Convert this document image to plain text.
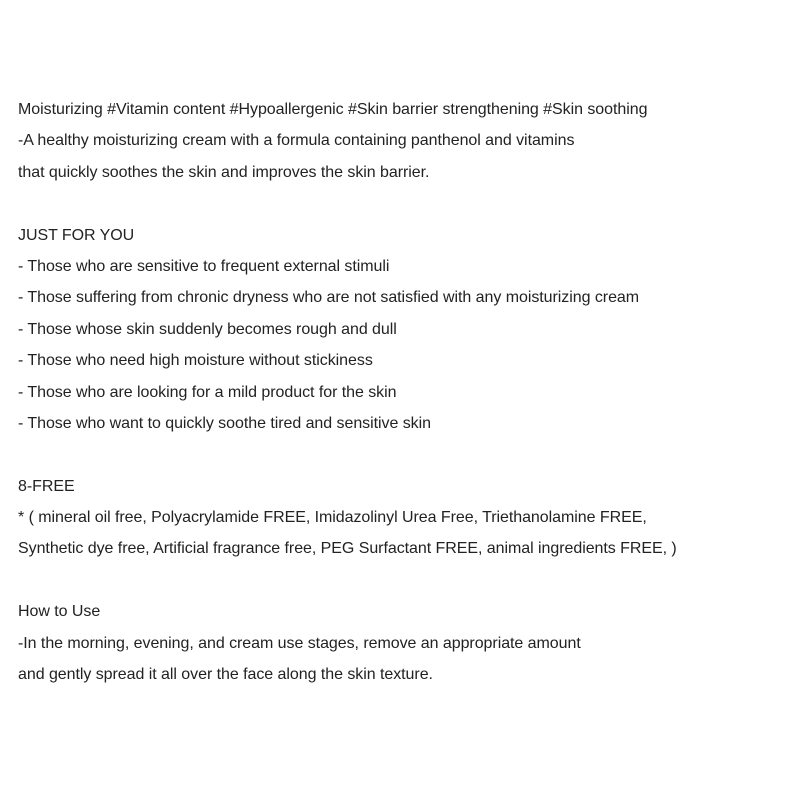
Moisturizing #Vitamin content #Hypoallergenic #Skin barrier strengthening #Skin soothing
-A healthy moisturizing cream with a formula containing panthenol and vitamins
that quickly soothes the skin and improves the skin barrier.
JUST FOR YOU
- Those who are sensitive to frequent external stimuli
- Those suffering from chronic dryness who are not satisfied with any moisturizing cream
- Those whose skin suddenly becomes rough and dull
- Those who need high moisture without stickiness
- Those who are looking for a mild product for the skin
- Those who want to quickly soothe tired and sensitive skin
8-FREE
* ( mineral oil free, Polyacrylamide FREE, Imidazolinyl Urea Free, Triethanolamine FREE,
Synthetic dye free, Artificial fragrance free, PEG Surfactant FREE, animal ingredients FREE, )
How to Use
-In the morning, evening, and cream use stages, remove an appropriate amount
and gently spread it all over the face along the skin texture.
